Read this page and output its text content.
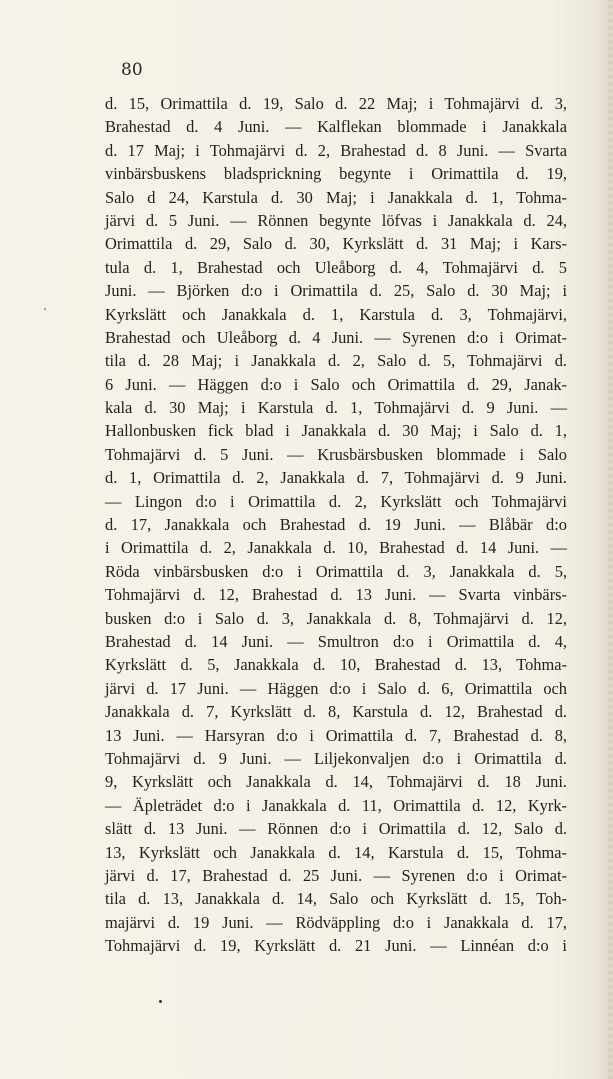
80
d. 15, Orimattila d. 19, Salo d. 22 Maj; i Tohmajärvi d. 3,
Brahestad d. 4 Juni. — Kalflekan blommade i Janakkala
d. 17 Maj; i Tohmajärvi d. 2, Brahestad d. 8 Juni. — Svarta
vinbärsbuskens bladsprickning begynte i Orimattila d. 19,
Salo d 24, Karstula d. 30 Maj; i Janakkala d. 1, Tohma-
järvi d. 5 Juni. — Rönnen begynte löfvas i Janakkala d. 24,
Orimattila d. 29, Salo d. 30, Kyrkslätt d. 31 Maj; i Kars-
tula d. 1, Brahestad och Uleåborg d. 4, Tohmajärvi d. 5
Juni. — Björken d:o i Orimattila d. 25, Salo d. 30 Maj; i
Kyrkslätt och Janakkala d. 1, Karstula d. 3, Tohmajärvi,
Brahestad och Uleåborg d. 4 Juni. — Syrenen d:o i Orimat-
tila d. 28 Maj; i Janakkala d. 2, Salo d. 5, Tohmajärvi d.
6 Juni. — Häggen d:o i Salo och Orimattila d. 29, Janak-
kala d. 30 Maj; i Karstula d. 1, Tohmajärvi d. 9 Juni. —
Hallonbusken fick blad i Janakkala d. 30 Maj; i Salo d. 1,
Tohmajärvi d. 5 Juni. — Krusbärsbusken blommade i Salo
d. 1, Orimattila d. 2, Janakkala d. 7, Tohmajärvi d. 9 Juni.
— Lingon d:o i Orimattila d. 2, Kyrkslätt och Tohmajärvi
d. 17, Janakkala och Brahestad d. 19 Juni. — Blåbär d:o
i Orimattila d. 2, Janakkala d. 10, Brahestad d. 14 Juni. —
Röda vinbärsbusken d:o i Orimattila d. 3, Janakkala d. 5,
Tohmajärvi d. 12, Brahestad d. 13 Juni. — Svarta vinbärs-
busken d:o i Salo d. 3, Janakkala d. 8, Tohmajärvi d. 12,
Brahestad d. 14 Juni. — Smultron d:o i Orimattila d. 4,
Kyrkslätt d. 5, Janakkala d. 10, Brahestad d. 13, Tohma-
järvi d. 17 Juni. — Häggen d:o i Salo d. 6, Orimattila och
Janakkala d. 7, Kyrkslätt d. 8, Karstula d. 12, Brahestad d.
13 Juni. — Harsyran d:o i Orimattila d. 7, Brahestad d. 8,
Tohmajärvi d. 9 Juni. — Liljekonvaljen d:o i Orimattila d.
9, Kyrkslätt och Janakkala d. 14, Tohmajärvi d. 18 Juni.
— Äpleträdet d:o i Janakkala d. 11, Orimattila d. 12, Kyrk-
slätt d. 13 Juni. — Rönnen d:o i Orimattila d. 12, Salo d.
13, Kyrkslätt och Janakkala d. 14, Karstula d. 15, Tohma-
järvi d. 17, Brahestad d. 25 Juni. — Syrenen d:o i Orimat-
tila d. 13, Janakkala d. 14, Salo och Kyrkslätt d. 15, Toh-
majärvi d. 19 Juni. — Rödväppling d:o i Janakkala d. 17,
Tohmajärvi d. 19, Kyrkslätt d. 21 Juni. — Linnéan d:o i
